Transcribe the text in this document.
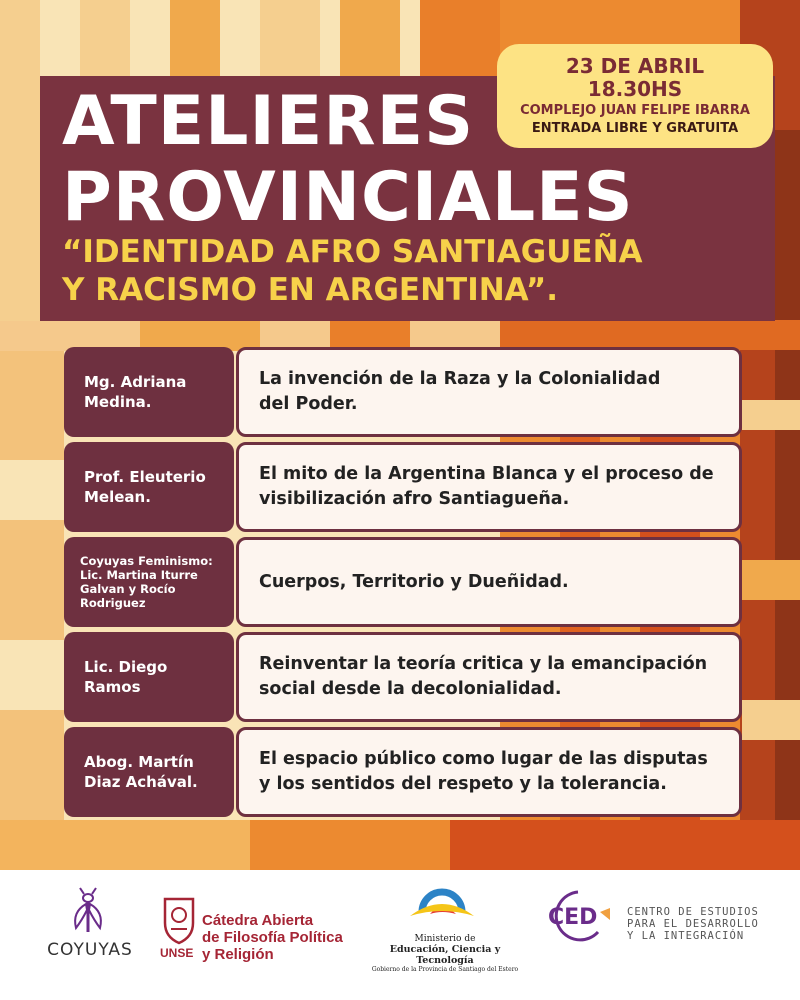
ATELIERES
PROVINCIALES
“IDENTIDAD AFRO SANTIAGUEÑA
Y RACISMO EN ARGENTINA”.
23 DE ABRIL
18.30HS
COMPLEJO JUAN FELIPE IBARRA
ENTRADA LIBRE Y GRATUITA
Mg. Adriana
Medina.
La invención de la Raza y la Colonialidad
del Poder.
Prof. Eleuterio
Melean.
El mito de la Argentina Blanca y el proceso de
visibilización afro Santiagueña.
Coyuyas Feminismo:
Lic. Martina Iturre
Galvan y Rocío
Rodriguez
Cuerpos, Territorio y Dueñidad.
Lic. Diego
Ramos
Reinventar la teoría critica y la emancipación
social desde la decolonialidad.
Abog. Martín
Diaz Achával.
El espacio público como lugar de las disputas
y los sentidos del respeto y la tolerancia.
COYUYAS UNSE
Cátedra Abierta
de Filosofía Política
y Religión
Ministerio de
Educación, Ciencia y Tecnología
Gobierno de la Provincia de Santiago del Estero
CED	CENTRO DE ESTUDIOS
PARA EL DESARROLLO
Y LA INTEGRACIÓN
